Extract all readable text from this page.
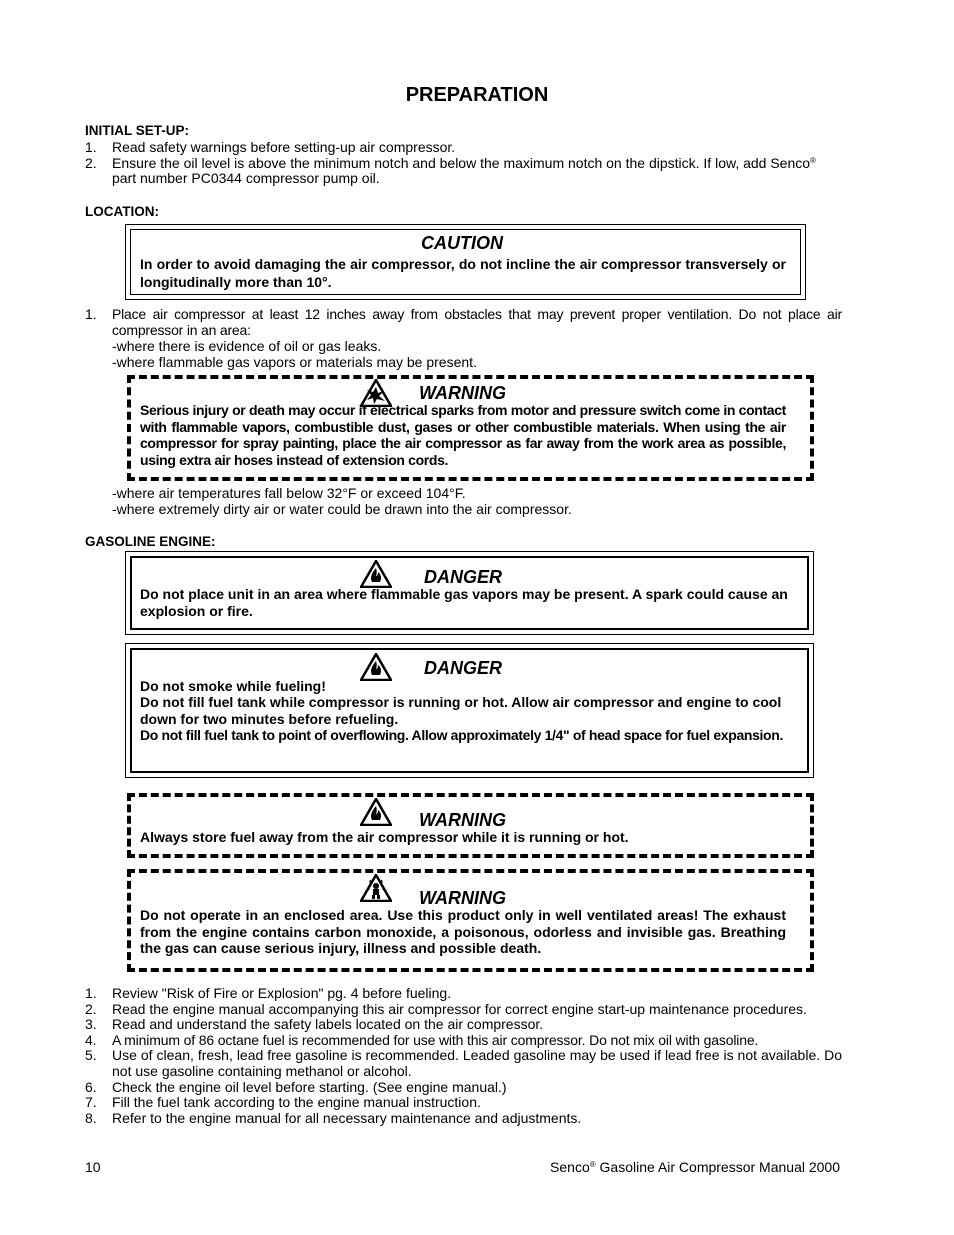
PREPARATION
INITIAL SET-UP:
1. Read safety warnings before setting-up air compressor.
2. Ensure the oil level is above the minimum notch and below the maximum notch on the dipstick. If low, add Senco® part number PC0344 compressor pump oil.
LOCATION:
CAUTION
In order to avoid damaging the air compressor, do not incline the air compressor transversely or longitudinally more than 10°.
1. Place air compressor at least 12 inches away from obstacles that may prevent proper ventilation. Do not place air compressor in an area:
-where there is evidence of oil or gas leaks.
-where flammable gas vapors or materials may be present.
WARNING
Serious injury or death may occur if electrical sparks from motor and pressure switch come in contact with flammable vapors, combustible dust, gases or other combustible materials. When using the air compressor for spray painting, place the air compressor as far away from the work area as possible, using extra air hoses instead of extension cords.
-where air temperatures fall below 32°F or exceed 104°F.
-where extremely dirty air or water could be drawn into the air compressor.
GASOLINE ENGINE:
DANGER
Do not place unit in an area where flammable gas vapors may be present. A spark could cause an explosion or fire.
DANGER
Do not smoke while fueling!
Do not fill fuel tank while compressor is running or hot. Allow air compressor and engine to cool down for two minutes before refueling.
Do not fill fuel tank to point of overflowing. Allow approximately 1/4" of head space for fuel expansion.
WARNING
Always store fuel away from the air compressor while it is running or hot.
WARNING
Do not operate in an enclosed area. Use this product only in well ventilated areas! The exhaust from the engine contains carbon monoxide, a poisonous, odorless and invisible gas. Breathing the gas can cause serious injury, illness and possible death.
1. Review "Risk of Fire or Explosion" pg. 4 before fueling.
2. Read the engine manual accompanying this air compressor for correct engine start-up maintenance procedures.
3. Read and understand the safety labels located on the air compressor.
4. A minimum of 86 octane fuel is recommended for use with this air compressor. Do not mix oil with gasoline.
5. Use of clean, fresh, lead free gasoline is recommended. Leaded gasoline may be used if lead free is not available. Do not use gasoline containing methanol or alcohol.
6. Check the engine oil level before starting. (See engine manual.)
7. Fill the fuel tank according to the engine manual instruction.
8. Refer to the engine manual for all necessary maintenance and adjustments.
10	Senco® Gasoline Air Compressor Manual 2000
